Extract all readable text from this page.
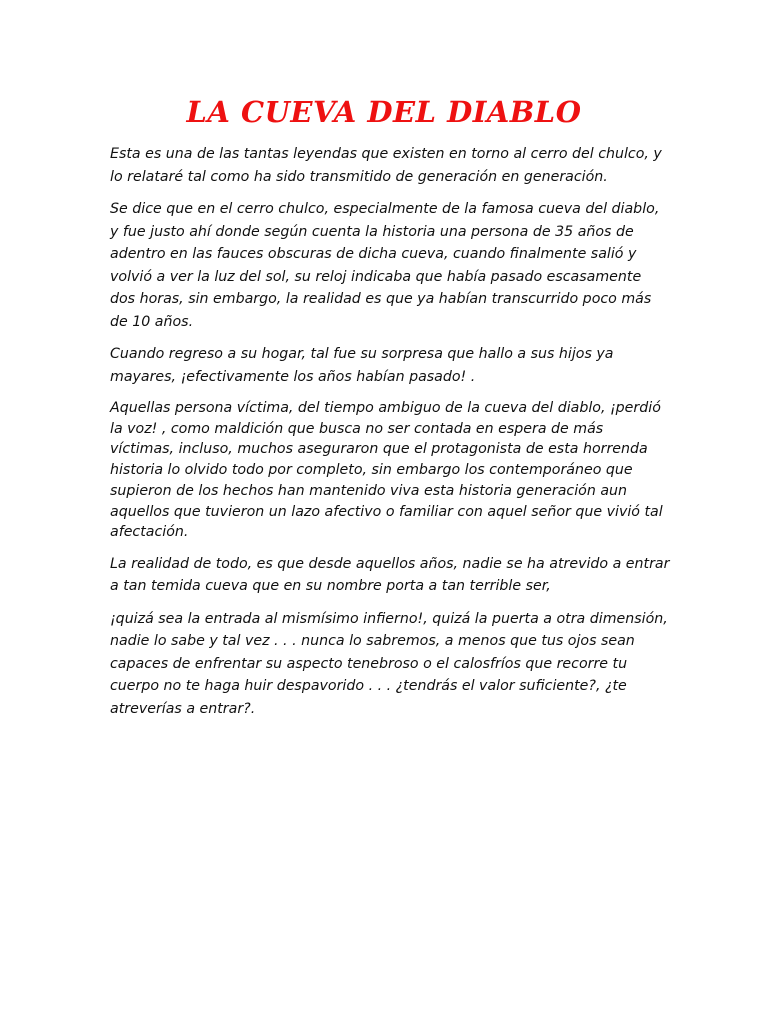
LA CUEVA DEL DIABLO

Esta es una de las tantas leyendas que existen en torno al cerro del chulco, y lo relataré tal como ha sido transmitido de generación en generación.

Se dice que en el cerro chulco, especialmente de la famosa cueva del diablo, y fue justo ahí donde según cuenta la historia una persona de 35 años de adentro en las fauces obscuras de dicha cueva, cuando finalmente salió y volvió a ver la luz del sol, su reloj indicaba que había pasado escasamente dos horas, sin embargo, la realidad es que ya habían transcurrido poco más de 10 años.

Cuando regreso a su hogar, tal fue su sorpresa que hallo a sus hijos ya mayares, ¡efectivamente los años habían pasado! .

Aquellas persona víctima, del tiempo ambiguo de la cueva del diablo, ¡perdió la voz! , como maldición que busca no ser contada en espera de más víctimas, incluso, muchos aseguraron que el protagonista de esta horrenda historia lo olvido todo por completo, sin embargo los contemporáneo que supieron de los hechos han mantenido viva esta historia generación aun aquellos que tuvieron un lazo afectivo o familiar con aquel señor que vivió tal afectación.

La realidad de todo, es que desde aquellos años, nadie se ha atrevido a entrar a tan temida cueva que en su nombre porta a tan terrible ser,

¡quizá sea la entrada al mismísimo infierno!, quizá la puerta a otra dimensión, nadie lo sabe y tal vez . . . nunca lo sabremos, a menos que tus ojos sean capaces de enfrentar su aspecto tenebroso o el calosfríos que recorre tu cuerpo no te haga huir despavorido . . . ¿tendrás el valor suficiente?, ¿te atreverías a entrar?.
